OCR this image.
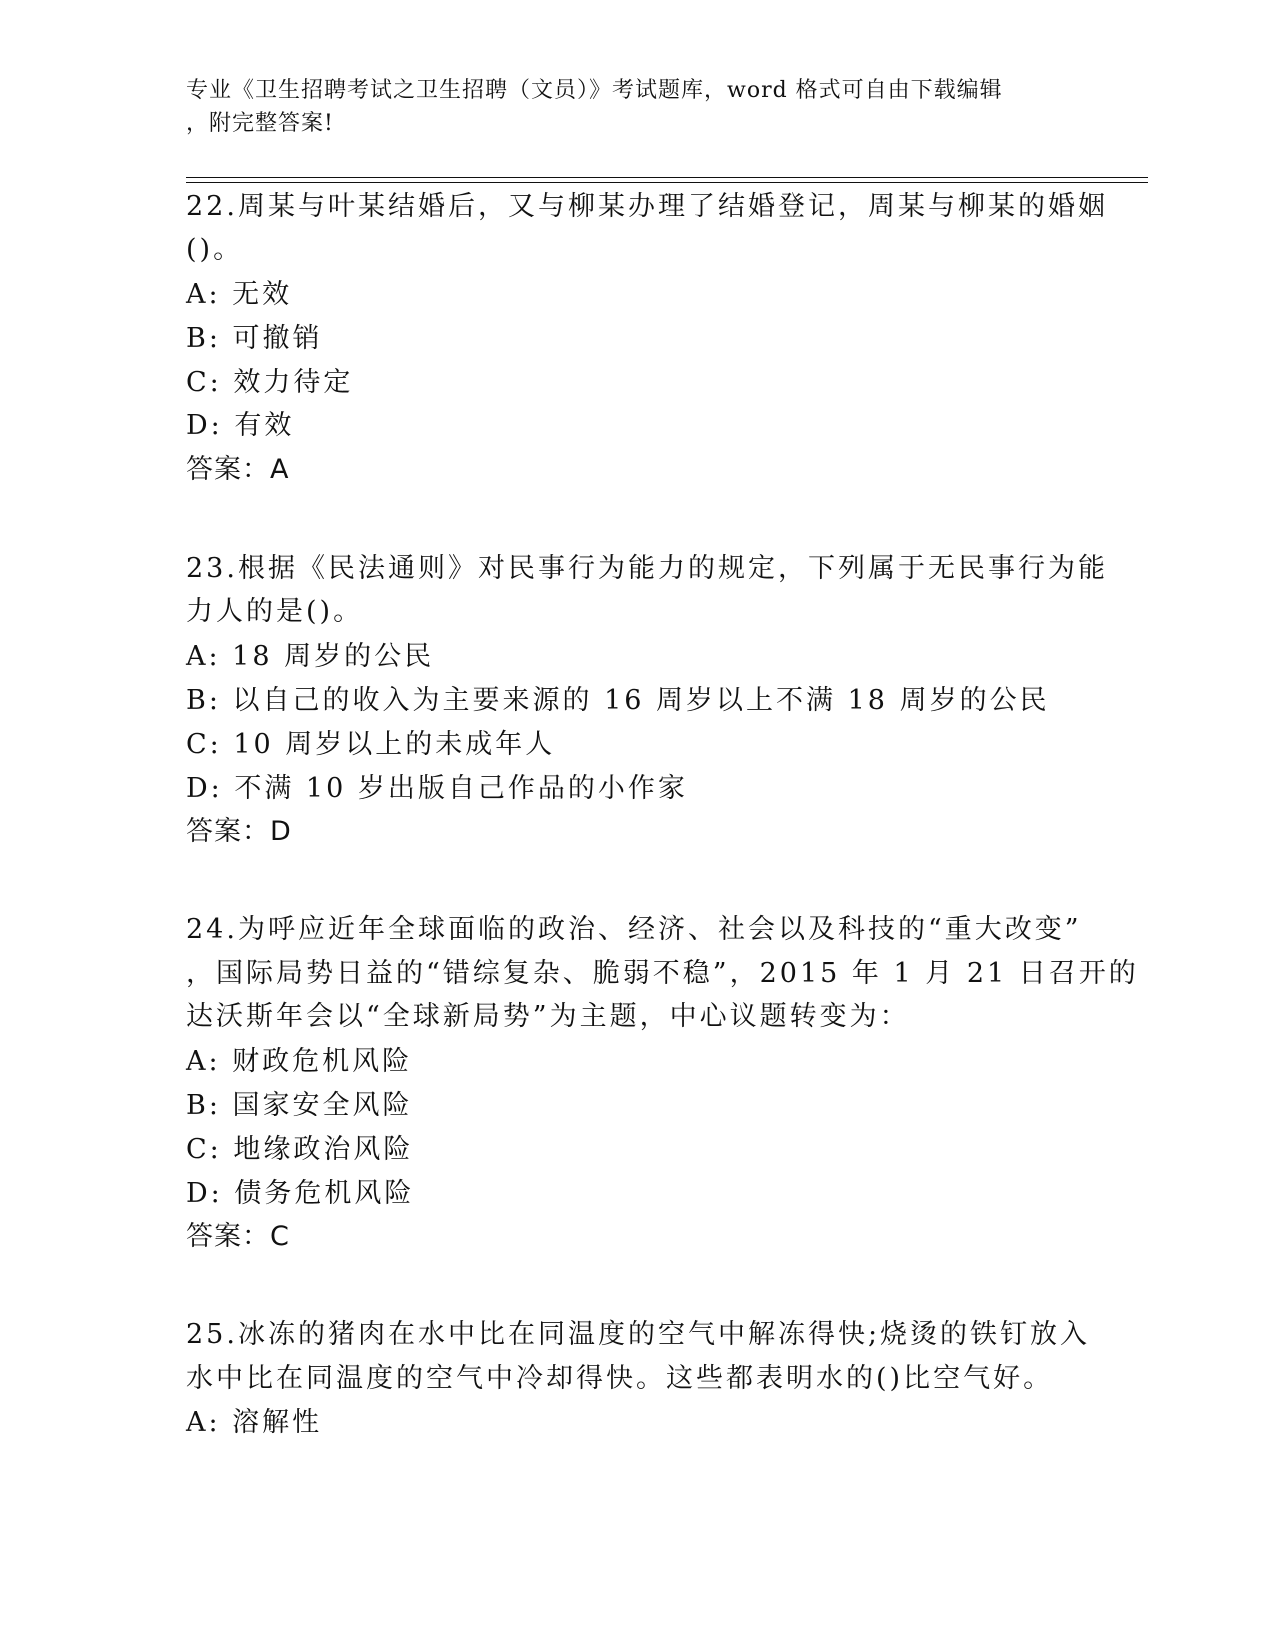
专业《卫生招聘考试之卫生招聘（文员）》考试题库，word 格式可自由下载编辑
，附完整答案!
22.周某与叶某结婚后，又与柳某办理了结婚登记，周某与柳某的婚姻
()。
A: 无效
B: 可撤销
C: 效力待定
D: 有效
答案：A
23.根据《民法通则》对民事行为能力的规定，下列属于无民事行为能
力人的是()。
A: 18 周岁的公民
B: 以自己的收入为主要来源的 16 周岁以上不满 18 周岁的公民
C: 10 周岁以上的未成年人
D: 不满 10 岁出版自己作品的小作家
答案：D
24.为呼应近年全球面临的政治、经济、社会以及科技的“重大改变”
，国际局势日益的“错综复杂、脆弱不稳”，2015 年 1 月 21 日召开的
达沃斯年会以“全球新局势”为主题，中心议题转变为：
A: 财政危机风险
B: 国家安全风险
C: 地缘政治风险
D: 债务危机风险
答案：C
25.冰冻的猪肉在水中比在同温度的空气中解冻得快;烧烫的铁钉放入
水中比在同温度的空气中冷却得快。这些都表明水的()比空气好。
A: 溶解性
